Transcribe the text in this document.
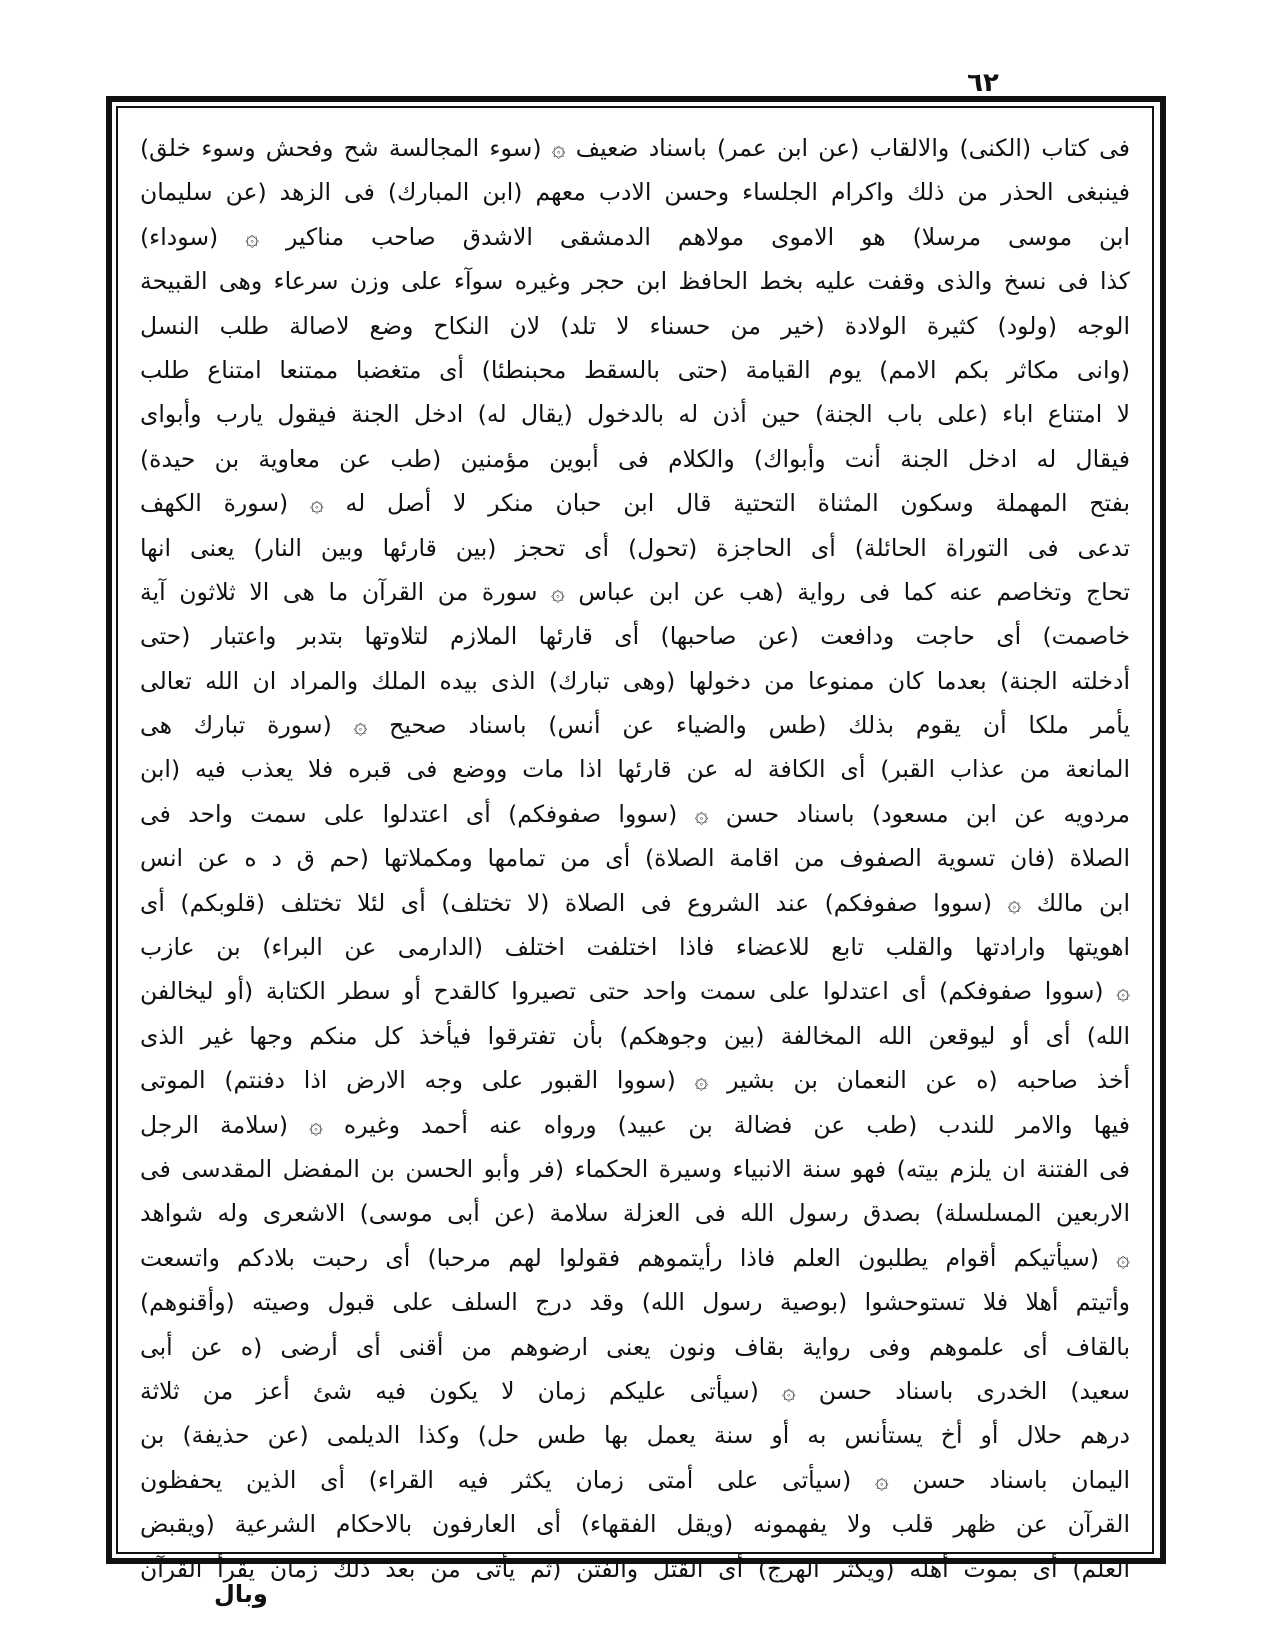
٦٢
فى كتاب (الكنى) والالقاب (عن ابن عمر) باسناد ضعيف ۞ (سوء المجالسة شح وفحش وسوء خلق)
فينبغى الحذر من ذلك واكرام الجلساء وحسن الادب معهم (ابن المبارك) فى الزهد (عن سليمان
ابن موسى مرسلا) هو الاموى مولاهم الدمشقى الاشدق صاحب مناكير ۞ (سوداء)
كذا فى نسخ والذى وقفت عليه بخط الحافظ ابن حجر وغيره سوآء على وزن سرعاء وهى القبيحة
الوجه (ولود) كثيرة الولادة (خير من حسناء لا تلد) لان النكاح وضع لاصالة طلب النسل
(وانى مكاثر بكم الامم) يوم القيامة (حتى بالسقط محبنطئا) أى متغضبا ممتنعا امتناع طلب
لا امتناع اباء (على باب الجنة) حين أذن له بالدخول (يقال له) ادخل الجنة فيقول يارب وأبواى
فيقال له ادخل الجنة أنت وأبواك) والكلام فى أبوين مؤمنين (طب عن معاوية بن حيدة)
بفتح المهملة وسكون المثناة التحتية قال ابن حبان منكر لا أصل له ۞ (سورة الكهف
تدعى فى التوراة الحائلة) أى الحاجزة (تحول) أى تحجز (بين قارئها وبين النار) يعنى انها
تحاج وتخاصم عنه كما فى رواية (هب عن ابن عباس ۞ سورة من القرآن ما هى الا ثلاثون آية
خاصمت) أى حاجت ودافعت (عن صاحبها) أى قارئها الملازم لتلاوتها بتدبر واعتبار (حتى
أدخلته الجنة) بعدما كان ممنوعا من دخولها (وهى تبارك) الذى بيده الملك والمراد ان الله تعالى
يأمر ملكا أن يقوم بذلك (طس والضياء عن أنس) باسناد صحيح ۞ (سورة تبارك هى
المانعة من عذاب القبر) أى الكافة له عن قارئها اذا مات ووضع فى قبره فلا يعذب فيه (ابن
مردويه عن ابن مسعود) باسناد حسن ۞ (سووا صفوفكم) أى اعتدلوا على سمت واحد فى
الصلاة (فان تسوية الصفوف من اقامة الصلاة) أى من تمامها ومكملاتها (حم ق د ه عن انس
ابن مالك ۞ (سووا صفوفكم) عند الشروع فى الصلاة (لا تختلف) أى لئلا تختلف (قلوبكم) أى
اهويتها وارادتها والقلب تابع للاعضاء فاذا اختلفت اختلف (الدارمى عن البراء) بن عازب
۞ (سووا صفوفكم) أى اعتدلوا على سمت واحد حتى تصيروا كالقدح أو سطر الكتابة (أو ليخالفن
الله) أى أو ليوقعن الله المخالفة (بين وجوهكم) بأن تفترقوا فيأخذ كل منكم وجها غير الذى
أخذ صاحبه (ه عن النعمان بن بشير ۞ (سووا القبور على وجه الارض اذا دفنتم) الموتى
فيها والامر للندب (طب عن فضالة بن عبيد) ورواه عنه أحمد وغيره ۞ (سلامة الرجل
فى الفتنة ان يلزم بيته) فهو سنة الانبياء وسيرة الحكماء (فر وأبو الحسن بن المفضل المقدسى فى
الاربعين المسلسلة) بصدق رسول الله فى العزلة سلامة (عن أبى موسى) الاشعرى وله شواهد
۞ (سيأتيكم أقوام يطلبون العلم فاذا رأيتموهم فقولوا لهم مرحبا) أى رحبت بلادكم واتسعت
وأتيتم أهلا فلا تستوحشوا (بوصية رسول الله) وقد درج السلف على قبول وصيته (وأقنوهم)
بالقاف أى علموهم وفى رواية بقاف ونون يعنى ارضوهم من أقنى أى أرضى (ه عن أبى
سعيد) الخدرى باسناد حسن ۞ (سيأتى عليكم زمان لا يكون فيه شئ أعز من ثلاثة
درهم حلال أو أخ يستأنس به أو سنة يعمل بها طس حل) وكذا الديلمى (عن حذيفة) بن
اليمان باسناد حسن ۞ (سيأتى على أمتى زمان يكثر فيه القراء) أى الذين يحفظون
القرآن عن ظهر قلب ولا يفهمونه (ويقل الفقهاء) أى العارفون بالاحكام الشرعية (ويقبض
العلم) أى بموت أهله (ويكثر الهرج) أى القتل والفتن (ثم يأتى من بعد ذلك زمان يقرأ القرآن
وبال
